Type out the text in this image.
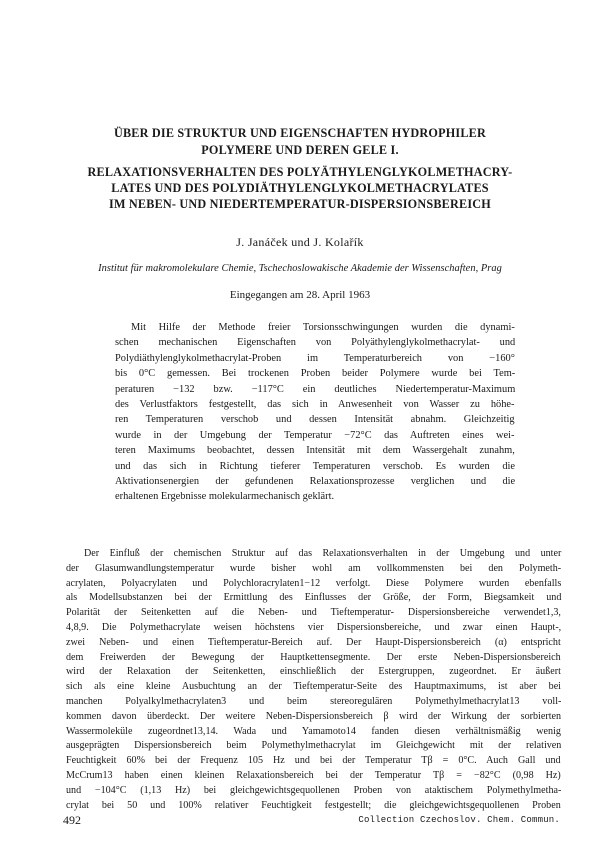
ÜBER DIE STRUKTUR UND EIGENSCHAFTEN HYDROPHILER
POLYMERE UND DEREN GELE I.
RELAXATIONSVERHALTEN DES POLYÄTHYLENGLYKOLMETHACRY-
LATES UND DES POLYDIÄTHYLENGLYKOLMETHACRYLATES
IM NEBEN- UND NIEDERTEMPERATUR-DISPERSIONSBEREICH
J. Janáček und J. Kolařík
Institut für makromolekulare Chemie, Tschechoslowakische Akademie der Wissenschaften, Prag
Eingegangen am 28. April 1963
Mit Hilfe der Methode freier Torsionsschwingungen wurden die dynami-
schen mechanischen Eigenschaften von Polyäthylenglykolmethacrylat- und
Polydiäthylenglykolmethacrylat-Proben im Temperaturbereich von −160°
bis 0°C gemessen. Bei trockenen Proben beider Polymere wurde bei Tem-
peraturen −132 bzw. −117°C ein deutliches Niedertemperatur-Maximum
des Verlustfaktors festgestellt, das sich in Anwesenheit von Wasser zu höhe-
ren Temperaturen verschob und dessen Intensität abnahm. Gleichzeitig
wurde in der Umgebung der Temperatur −72°C das Auftreten eines wei-
teren Maximums beobachtet, dessen Intensität mit dem Wassergehalt zunahm,
und das sich in Richtung tieferer Temperaturen verschob. Es wurden die
Aktivationsenergien der gefundenen Relaxationsprozesse verglichen und die
erhaltenen Ergebnisse molekularmechanisch geklärt.
Der Einfluß der chemischen Struktur auf das Relaxationsverhalten in der Umgebung und unter
der Glasumwandlungstemperatur wurde bisher wohl am vollkommensten bei den Polymeth-
acrylaten, Polyacrylaten und Polychloracrylaten1−12 verfolgt. Diese Polymere wurden ebenfalls
als Modellsubstanzen bei der Ermittlung des Einflusses der Größe, der Form, Biegsamkeit und
Polarität der Seitenketten auf die Neben- und Tieftemperatur- Dispersionsbereiche verwendet1,3,
4,8,9. Die Polymethacrylate weisen höchstens vier Dispersionsbereiche, und zwar einen Haupt-,
zwei Neben- und einen Tieftemperatur-Bereich auf. Der Haupt-Dispersionsbereich (α) entspricht
dem Freiwerden der Bewegung der Hauptkettensegmente. Der erste Neben-Dispersionsbereich
wird der Relaxation der Seitenketten, einschließlich der Estergruppen, zugeordnet. Er äußert
sich als eine kleine Ausbuchtung an der Tieftemperatur-Seite des Hauptmaximums, ist aber bei
manchen Polyalkylmethacrylaten3 und beim stereoregulären Polymethylmethacrylat13 voll-
kommen davon überdeckt. Der weitere Neben-Dispersionsbereich β wird der Wirkung der sorbierten
Wassermoleküle zugeordnet13,14. Wada und Yamamoto14 fanden diesen verhältnismäßig wenig
ausgeprägten Dispersionsbereich beim Polymethylmethacrylat im Gleichgewicht mit der relativen
Feuchtigkeit 60% bei der Frequenz 105 Hz und bei der Temperatur Tβ = 0°C. Auch Gall und
McCrum13 haben einen kleinen Relaxationsbereich bei der Temperatur Tβ = −82°C (0,98 Hz)
und −104°C (1,13 Hz) bei gleichgewichtsgequollenen Proben von ataktischem Polymethylmetha-
crylat bei 50 und 100% relativer Feuchtigkeit festgestellt; die gleichgewichtsgequollenen Proben
492	Collection Czechoslov. Chem. Commun.
